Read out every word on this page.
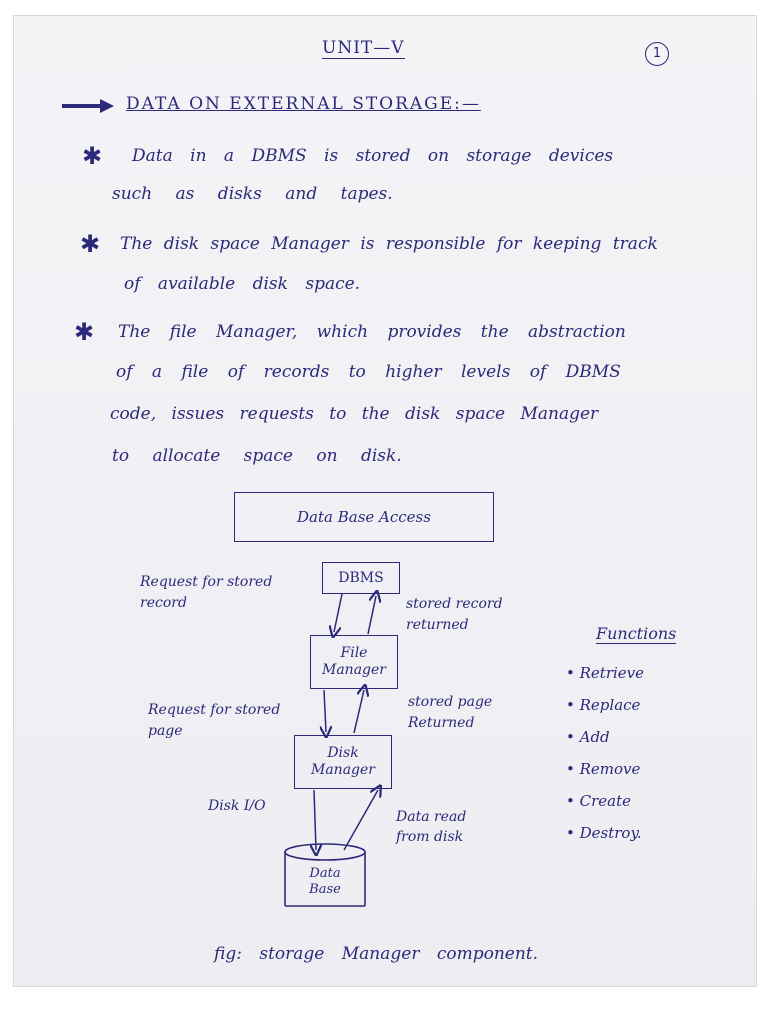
UNIT—V	1
DATA ON EXTERNAL STORAGE:—
✱ Data in a DBMS is stored on storage devices
such as disks and tapes.
✱ The disk space Manager is responsible for keeping track
of available disk space.
✱ The file Manager, which provides the abstraction
of a file of records to higher levels of DBMS
code, issues requests to the disk space Manager
to allocate space on disk.
Data Base Access
DBMS
File Manager
Disk Manager
Data Base
Request for stored record	stored record returned
Request for stored page
stored page Returned
Disk I/O
Data read from disk
Functions
• Retrieve
• Replace
• Add
• Remove
• Create
• Destroy.
fig: storage Manager component.
